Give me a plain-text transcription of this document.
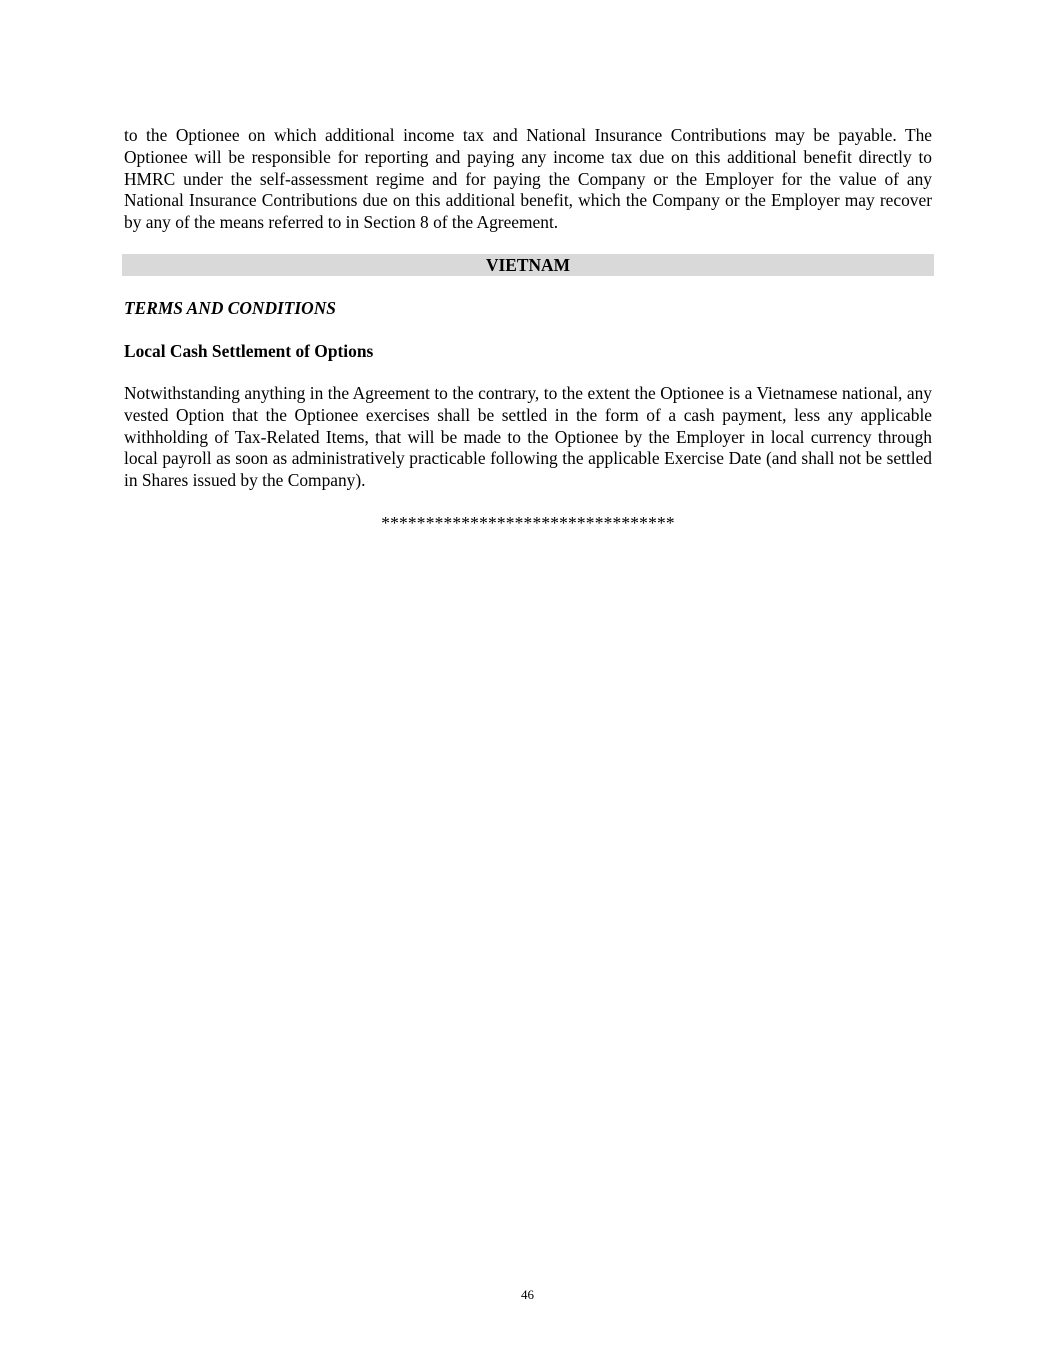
to the Optionee on which additional income tax and National Insurance Contributions may be payable. The Optionee will be responsible for reporting and paying any income tax due on this additional benefit directly to HMRC under the self-assessment regime and for paying the Company or the Employer for the value of any National Insurance Contributions due on this additional benefit, which the Company or the Employer may recover by any of the means referred to in Section 8 of the Agreement.

VIETNAM

TERMS AND CONDITIONS

Local Cash Settlement of Options

Notwithstanding anything in the Agreement to the contrary, to the extent the Optionee is a Vietnamese national, any vested Option that the Optionee exercises shall be settled in the form of a cash payment, less any applicable withholding of Tax-Related Items, that will be made to the Optionee by the Employer in local currency through local payroll as soon as administratively practicable following the applicable Exercise Date (and shall not be settled in Shares issued by the Company).

*********************************
46
